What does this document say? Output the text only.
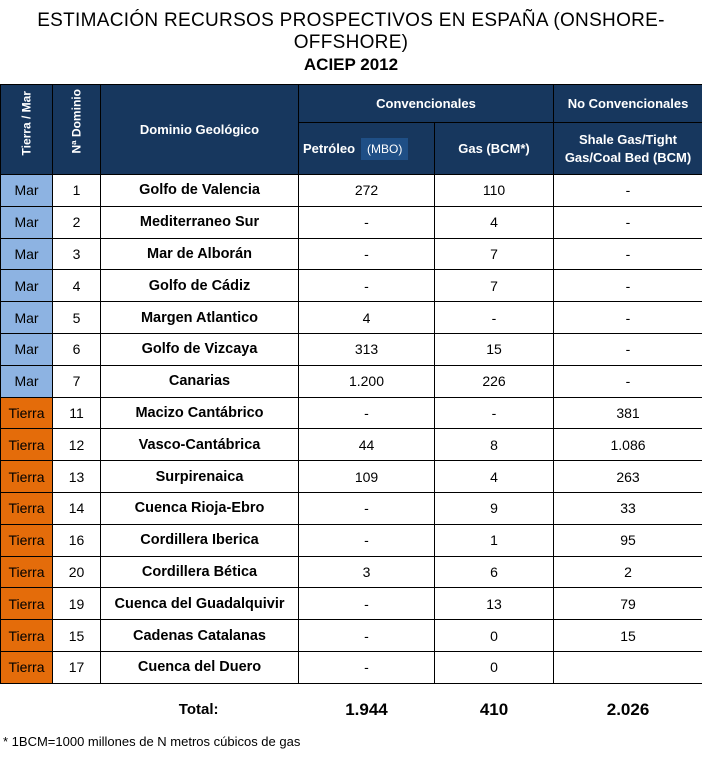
ESTIMACIÓN RECURSOS PROSPECTIVOS EN ESPAÑA (ONSHORE-OFFSHORE)
ACIEP 2012
Tierra / Mar	Nª Dominio	Dominio Geológico	Convencionales		No Convencionales
			Petróleo (MBO)	Gas (BCM*)	Shale Gas/Tight Gas/Coal Bed (BCM)
Mar	1	Golfo de Valencia	272	110	-
Mar	2	Mediterraneo Sur	-	4	-
Mar	3	Mar de Alborán	-	7	-
Mar	4	Golfo de Cádiz	-	7	-
Mar	5	Margen Atlantico	4	-	-
Mar	6	Golfo de Vizcaya	313	15	-
Mar	7	Canarias	1.200	226	-
Tierra	11	Macizo Cantábrico	-	-	381
Tierra	12	Vasco-Cantábrica	44	8	1.086
Tierra	13	Surpirenaica	109	4	263
Tierra	14	Cuenca Rioja-Ebro	-	9	33
Tierra	16	Cordillera Iberica	-	1	95
Tierra	20	Cordillera Bética	3	6	2
Tierra	19	Cuenca del Guadalquivir	-	13	79
Tierra	15	Cadenas Catalanas	-	0	15
Tierra	17	Cuenca del Duero	-	0	
Total:			1.944	410	2.026
* 1BCM=1000 millones de N metros cúbicos de gas
